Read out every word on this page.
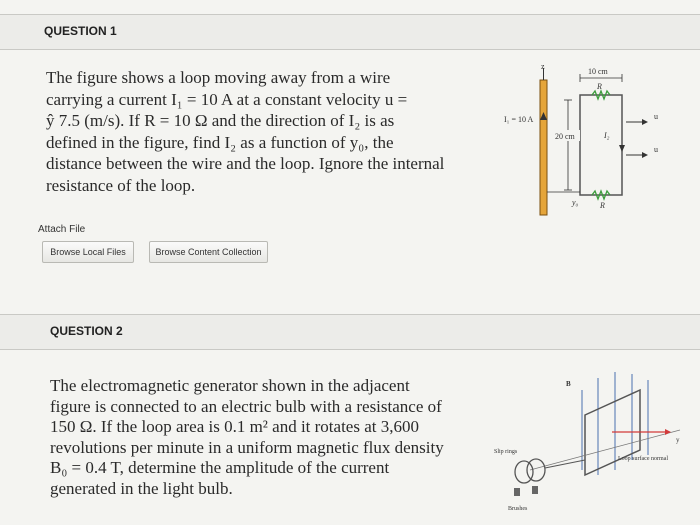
QUESTION 1
The figure shows a loop moving away from a wire
carrying a current I₁ = 10 A at a constant velocity u =
ŷ 7.5 (m/s). If R = 10 Ω and the direction of I₂ is as
defined in the figure, find I₂ as a function of y₀, the
distance between the wire and the loop. Ignore the internal
resistance of the loop.
z
I₁ = 10 A
R
R
10 cm
20 cm	I₂
u
u
y₀
Attach File
Browse Local Files	Browse Content Collection
QUESTION 2
The electromagnetic generator shown in the adjacent
figure is connected to an electric bulb with a resistance of
150 Ω. If the loop area is 0.1 m² and it rotates at 3,600
revolutions per minute in a uniform magnetic flux density
B₀ = 0.4 T, determine the amplitude of the current
generated in the light bulb.
B
y
Slip rings
Brushes
Loop surface normal
